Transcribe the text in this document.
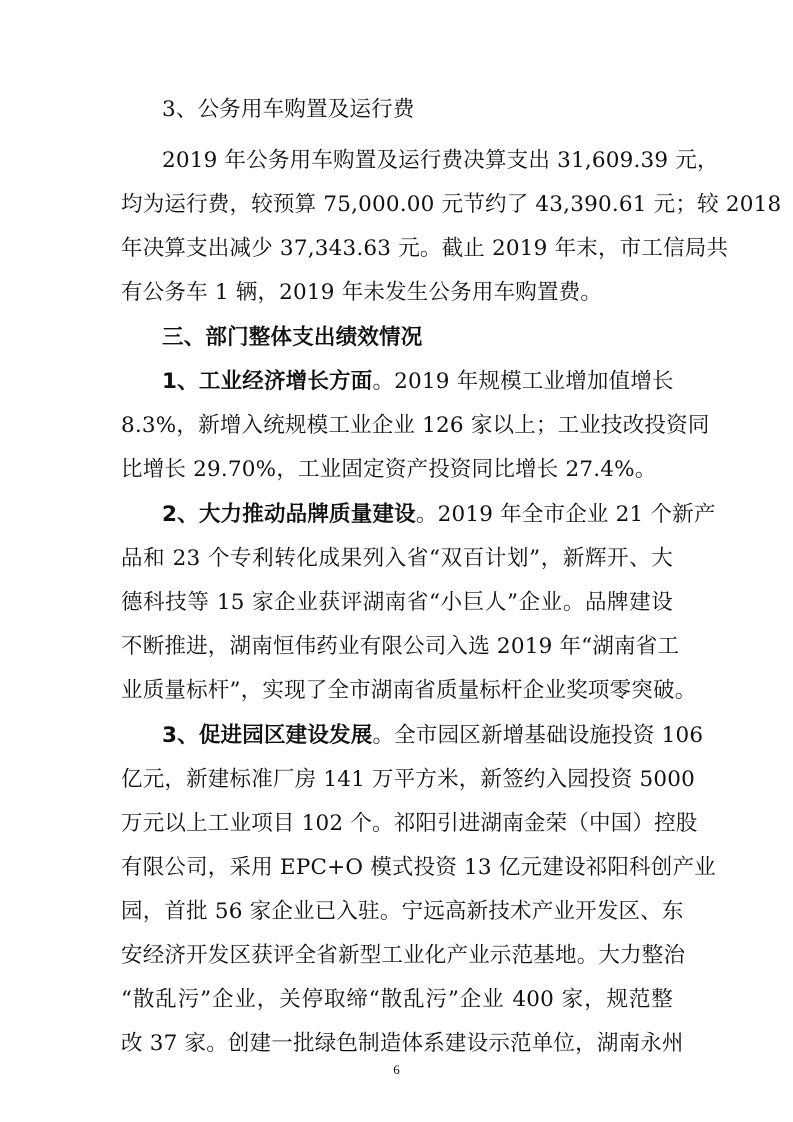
3、公务用车购置及运行费
2019 年公务用车购置及运行费决算支出 31,609.39 元，
均为运行费，较预算 75,000.00 元节约了 43,390.61 元；较 2018
年决算支出减少 37,343.63 元。截止 2019 年末，市工信局共
有公务车 1 辆，2019 年未发生公务用车购置费。
三、部门整体支出绩效情况
1、工业经济增长方面。2019 年规模工业增加值增长
8.3%，新增入统规模工业企业 126 家以上；工业技改投资同
比增长 29.70%，工业固定资产投资同比增长 27.4%。
2、大力推动品牌质量建设。2019 年全市企业 21 个新产
品和 23 个专利转化成果列入省“双百计划”，新辉开、大
德科技等 15 家企业获评湖南省“小巨人”企业。品牌建设
不断推进，湖南恒伟药业有限公司入选 2019 年“湖南省工
业质量标杆”，实现了全市湖南省质量标杆企业奖项零突破。
3、促进园区建设发展。全市园区新增基础设施投资 106
亿元，新建标准厂房 141 万平方米，新签约入园投资 5000
万元以上工业项目 102 个。祁阳引进湖南金荣（中国）控股
有限公司，采用 EPC+O 模式投资 13 亿元建设祁阳科创产业
园，首批 56 家企业已入驻。宁远高新技术产业开发区、东
安经济开发区获评全省新型工业化产业示范基地。大力整治
“散乱污”企业，关停取缔“散乱污”企业 400 家，规范整
改 37 家。创建一批绿色制造体系建设示范单位，湖南永州
6
